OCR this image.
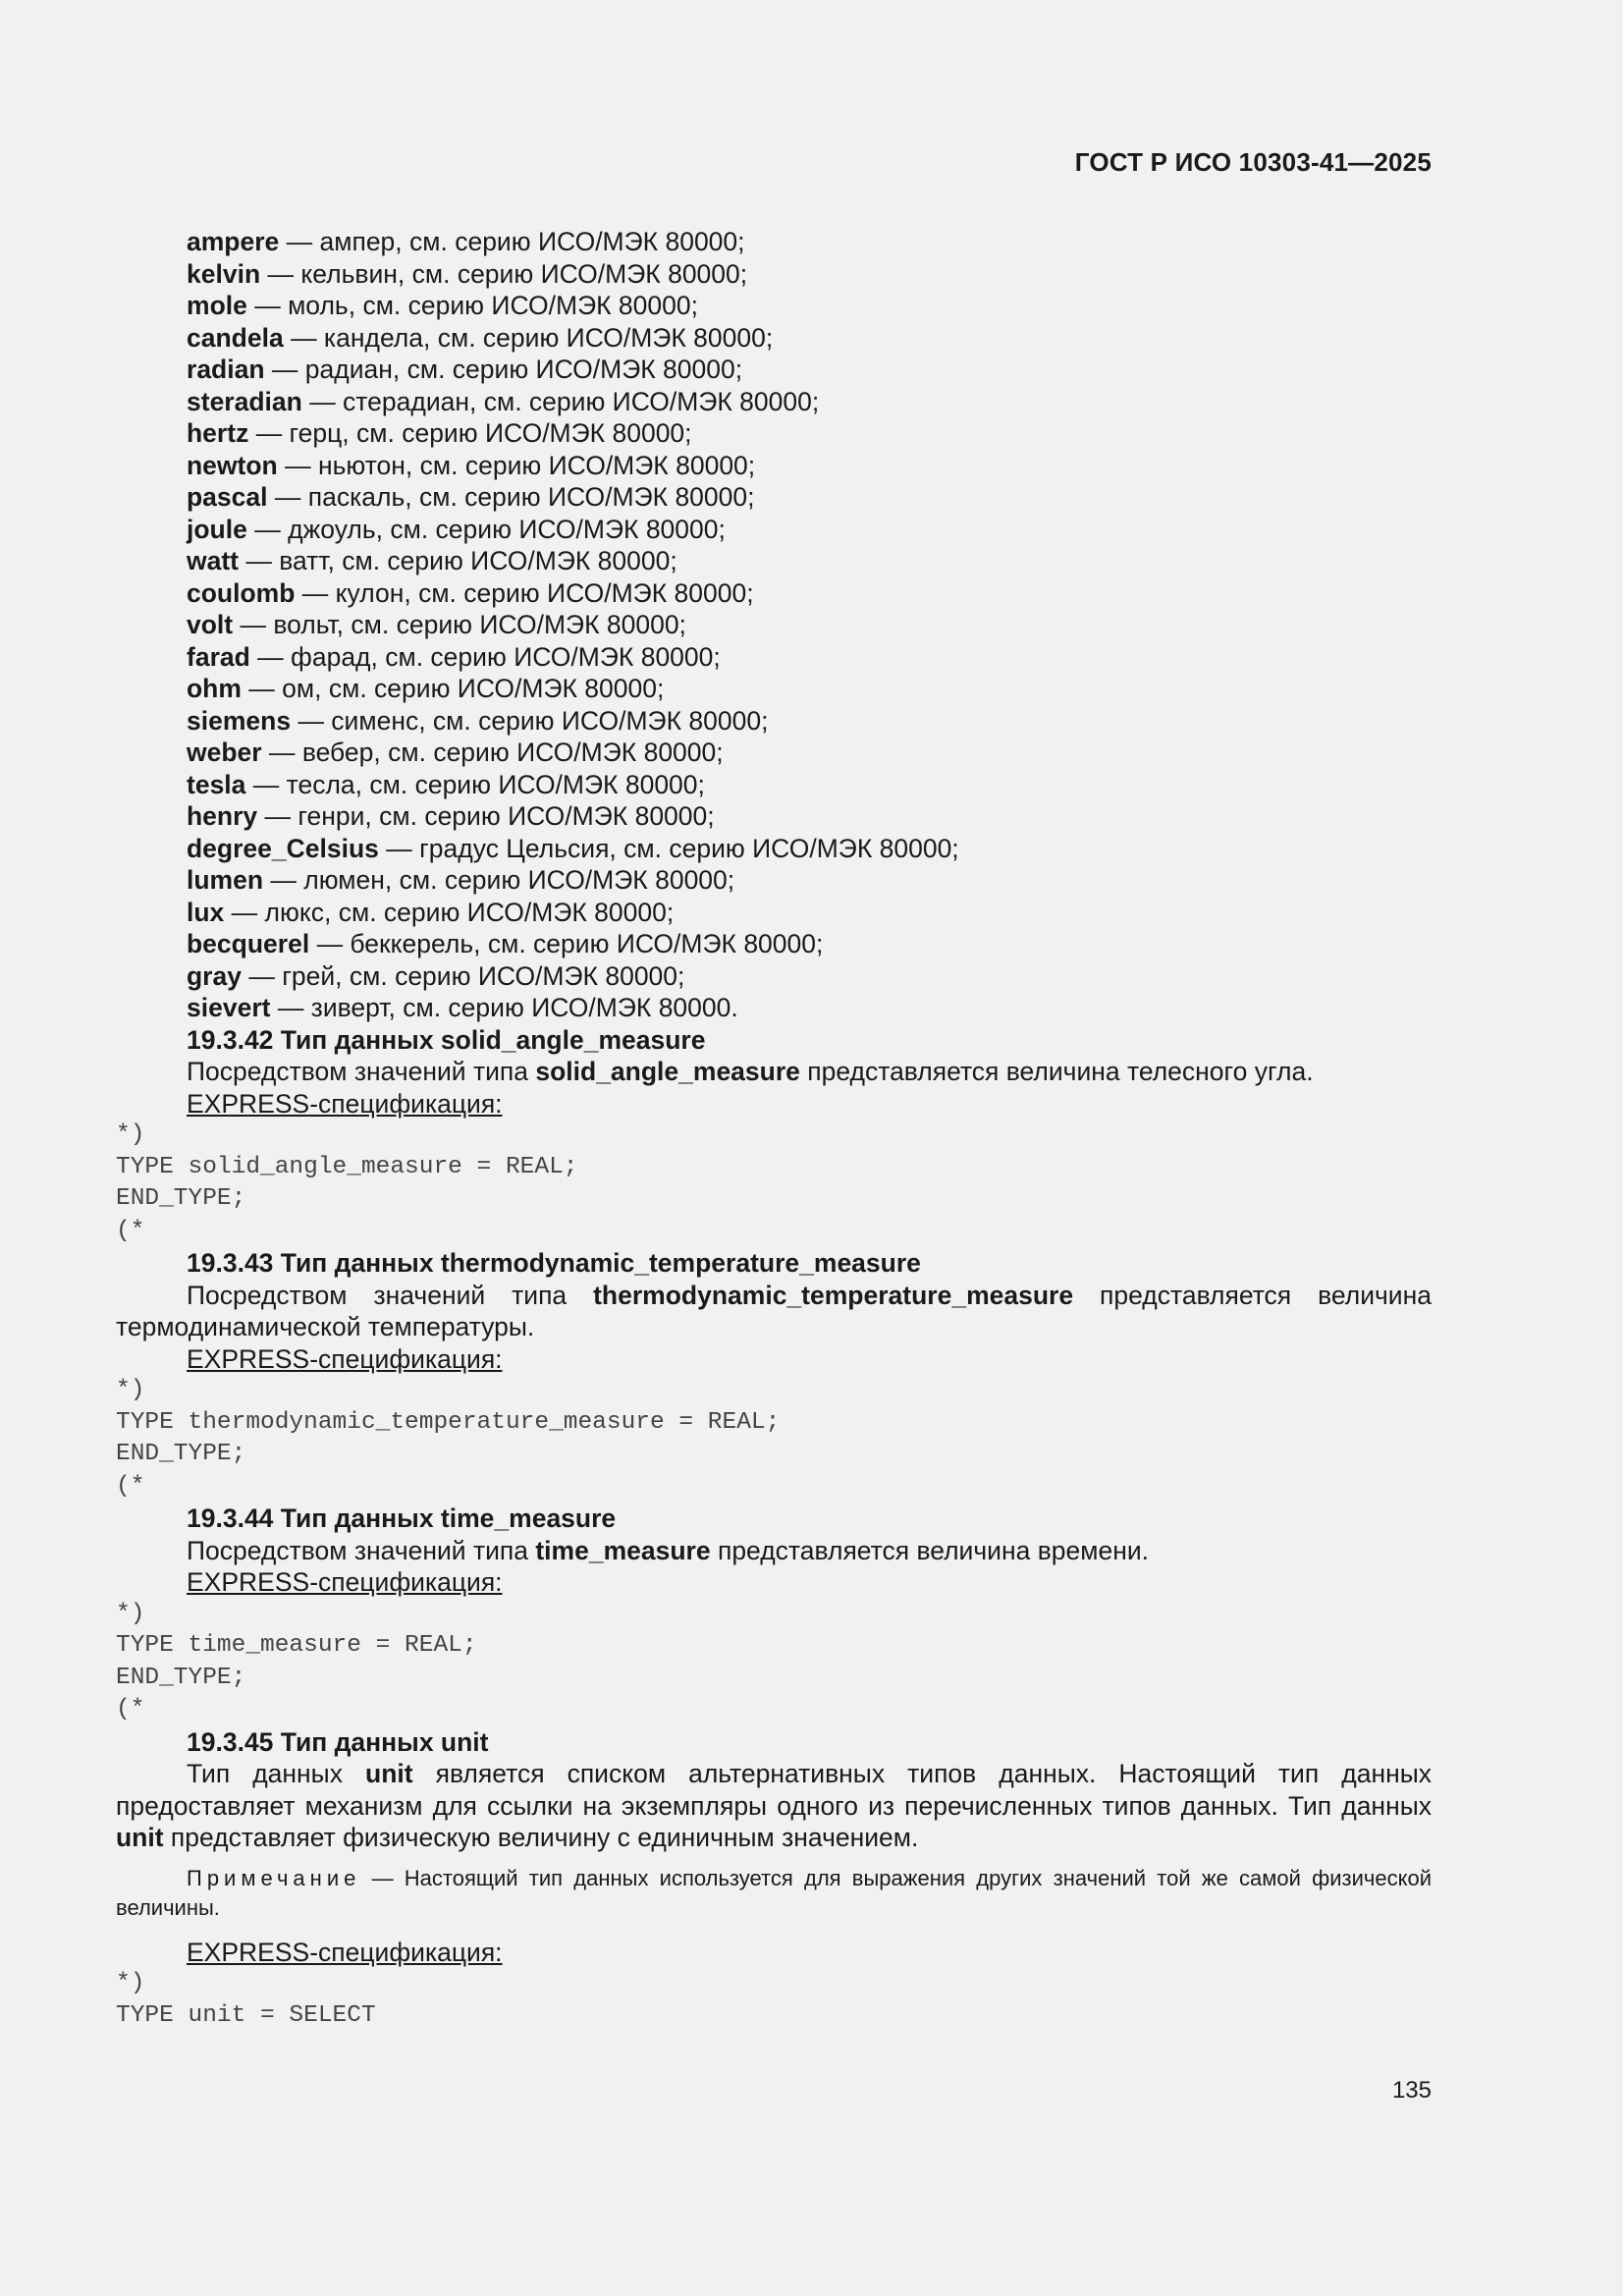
ГОСТ Р ИСО 10303-41—2025
ampere — ампер, см. серию ИСО/МЭК 80000;
kelvin — кельвин, см. серию ИСО/МЭК 80000;
mole — моль, см. серию ИСО/МЭК 80000;
candela — кандела, см. серию ИСО/МЭК 80000;
radian — радиан, см. серию ИСО/МЭК 80000;
steradian — стерадиан, см. серию ИСО/МЭК 80000;
hertz — герц, см. серию ИСО/МЭК 80000;
newton — ньютон, см. серию ИСО/МЭК 80000;
pascal — паскаль, см. серию ИСО/МЭК 80000;
joule — джоуль, см. серию ИСО/МЭК 80000;
watt — ватт, см. серию ИСО/МЭК 80000;
coulomb — кулон, см. серию ИСО/МЭК 80000;
volt — вольт, см. серию ИСО/МЭК 80000;
farad — фарад, см. серию ИСО/МЭК 80000;
ohm — ом, см. серию ИСО/МЭК 80000;
siemens — сименс, см. серию ИСО/МЭК 80000;
weber — вебер, см. серию ИСО/МЭК 80000;
tesla — тесла, см. серию ИСО/МЭК 80000;
henry — генри, см. серию ИСО/МЭК 80000;
degree_Celsius — градус Цельсия, см. серию ИСО/МЭК 80000;
lumen — люмен, см. серию ИСО/МЭК 80000;
lux — люкс, см. серию ИСО/МЭК 80000;
becquerel — беккерель, см. серию ИСО/МЭК 80000;
gray — грей, см. серию ИСО/МЭК 80000;
sievert — зиверт, см. серию ИСО/МЭК 80000.
19.3.42 Тип данных solid_angle_measure
Посредством значений типа solid_angle_measure представляется величина телесного угла.
EXPRESS-спецификация:
*)
TYPE solid_angle_measure = REAL;
END_TYPE;
(*
19.3.43 Тип данных thermodynamic_temperature_measure
Посредством значений типа thermodynamic_temperature_measure представляется величина термодинамической температуры.
EXPRESS-спецификация:
*)
TYPE thermodynamic_temperature_measure = REAL;
END_TYPE;
(*
19.3.44 Тип данных time_measure
Посредством значений типа time_measure представляется величина времени.
EXPRESS-спецификация:
*)
TYPE time_measure = REAL;
END_TYPE;
(*
19.3.45 Тип данных unit
Тип данных unit является списком альтернативных типов данных. Настоящий тип данных предоставляет механизм для ссылки на экземпляры одного из перечисленных типов данных. Тип данных unit представляет физическую величину с единичным значением.
Примечание — Настоящий тип данных используется для выражения других значений той же самой физической величины.
EXPRESS-спецификация:
*)
TYPE unit = SELECT
135
